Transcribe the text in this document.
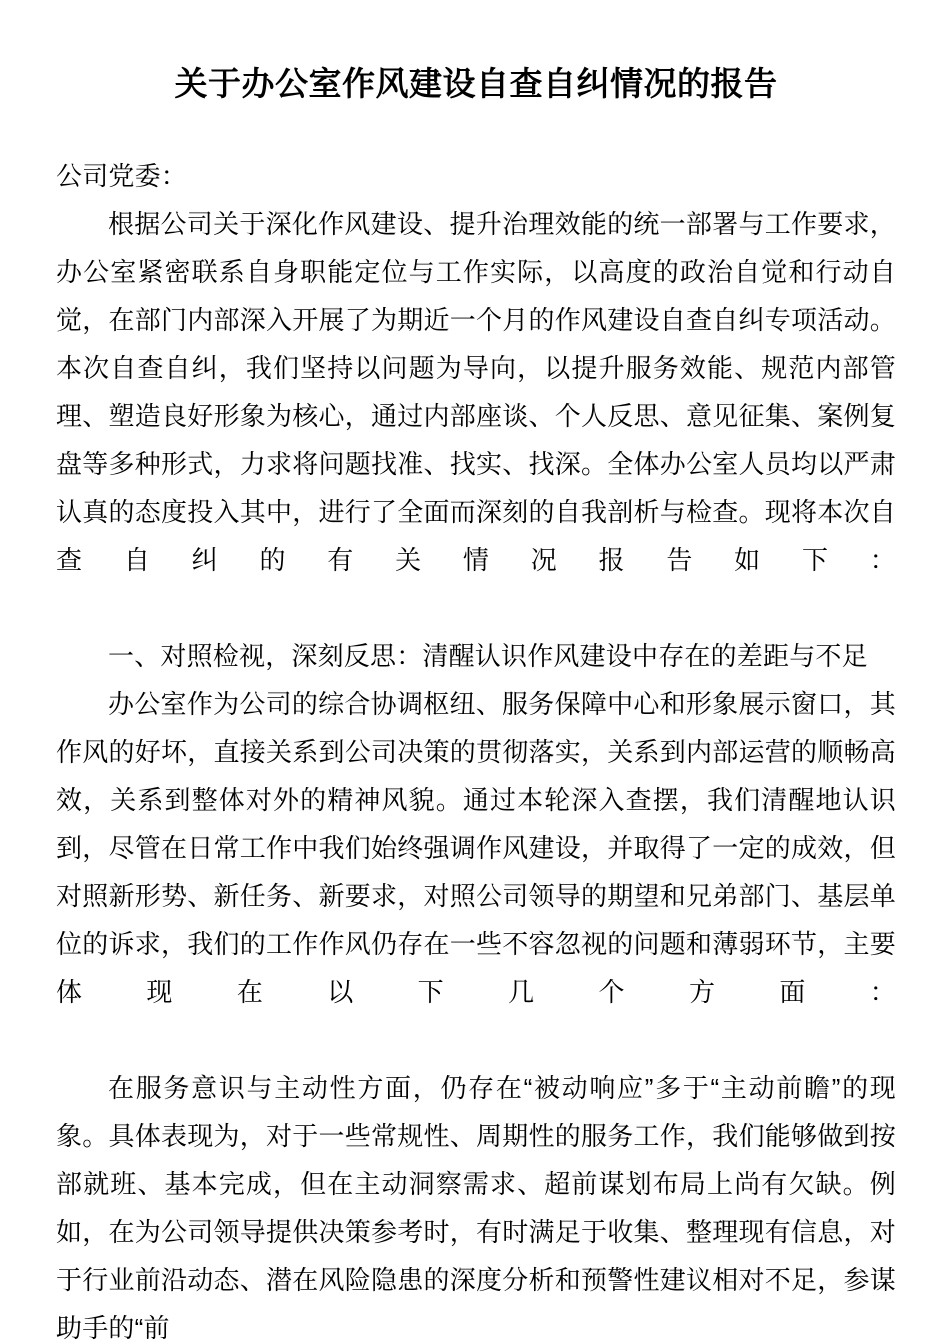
关于办公室作风建设自查自纠情况的报告

公司党委：

根据公司关于深化作风建设、提升治理效能的统一部署与工作要求，办公室紧密联系自身职能定位与工作实际，以高度的政治自觉和行动自觉，在部门内部深入开展了为期近一个月的作风建设自查自纠专项活动。本次自查自纠，我们坚持以问题为导向，以提升服务效能、规范内部管理、塑造良好形象为核心，通过内部座谈、个人反思、意见征集、案例复盘等多种形式，力求将问题找准、找实、找深。全体办公室人员均以严肃认真的态度投入其中，进行了全面而深刻的自我剖析与检查。现将本次自查自纠的有关情况报告如下：

一、对照检视，深刻反思：清醒认识作风建设中存在的差距与不足

办公室作为公司的综合协调枢纽、服务保障中心和形象展示窗口，其作风的好坏，直接关系到公司决策的贯彻落实，关系到内部运营的顺畅高效，关系到整体对外的精神风貌。通过本轮深入查摆，我们清醒地认识到，尽管在日常工作中我们始终强调作风建设，并取得了一定的成效，但对照新形势、新任务、新要求，对照公司领导的期望和兄弟部门、基层单位的诉求，我们的工作作风仍存在一些不容忽视的问题和薄弱环节，主要体现在以下几个方面：

在服务意识与主动性方面，仍存在“被动响应”多于“主动前瞻”的现象。具体表现为，对于一些常规性、周期性的服务工作，我们能够做到按部就班、基本完成，但在主动洞察需求、超前谋划布局上尚有欠缺。例如，在为公司领导提供决策参考时，有时满足于收集、整理现有信息，对于行业前沿动态、潜在风险隐患的深度分析和预警性建议相对不足，参谋助手的“前
